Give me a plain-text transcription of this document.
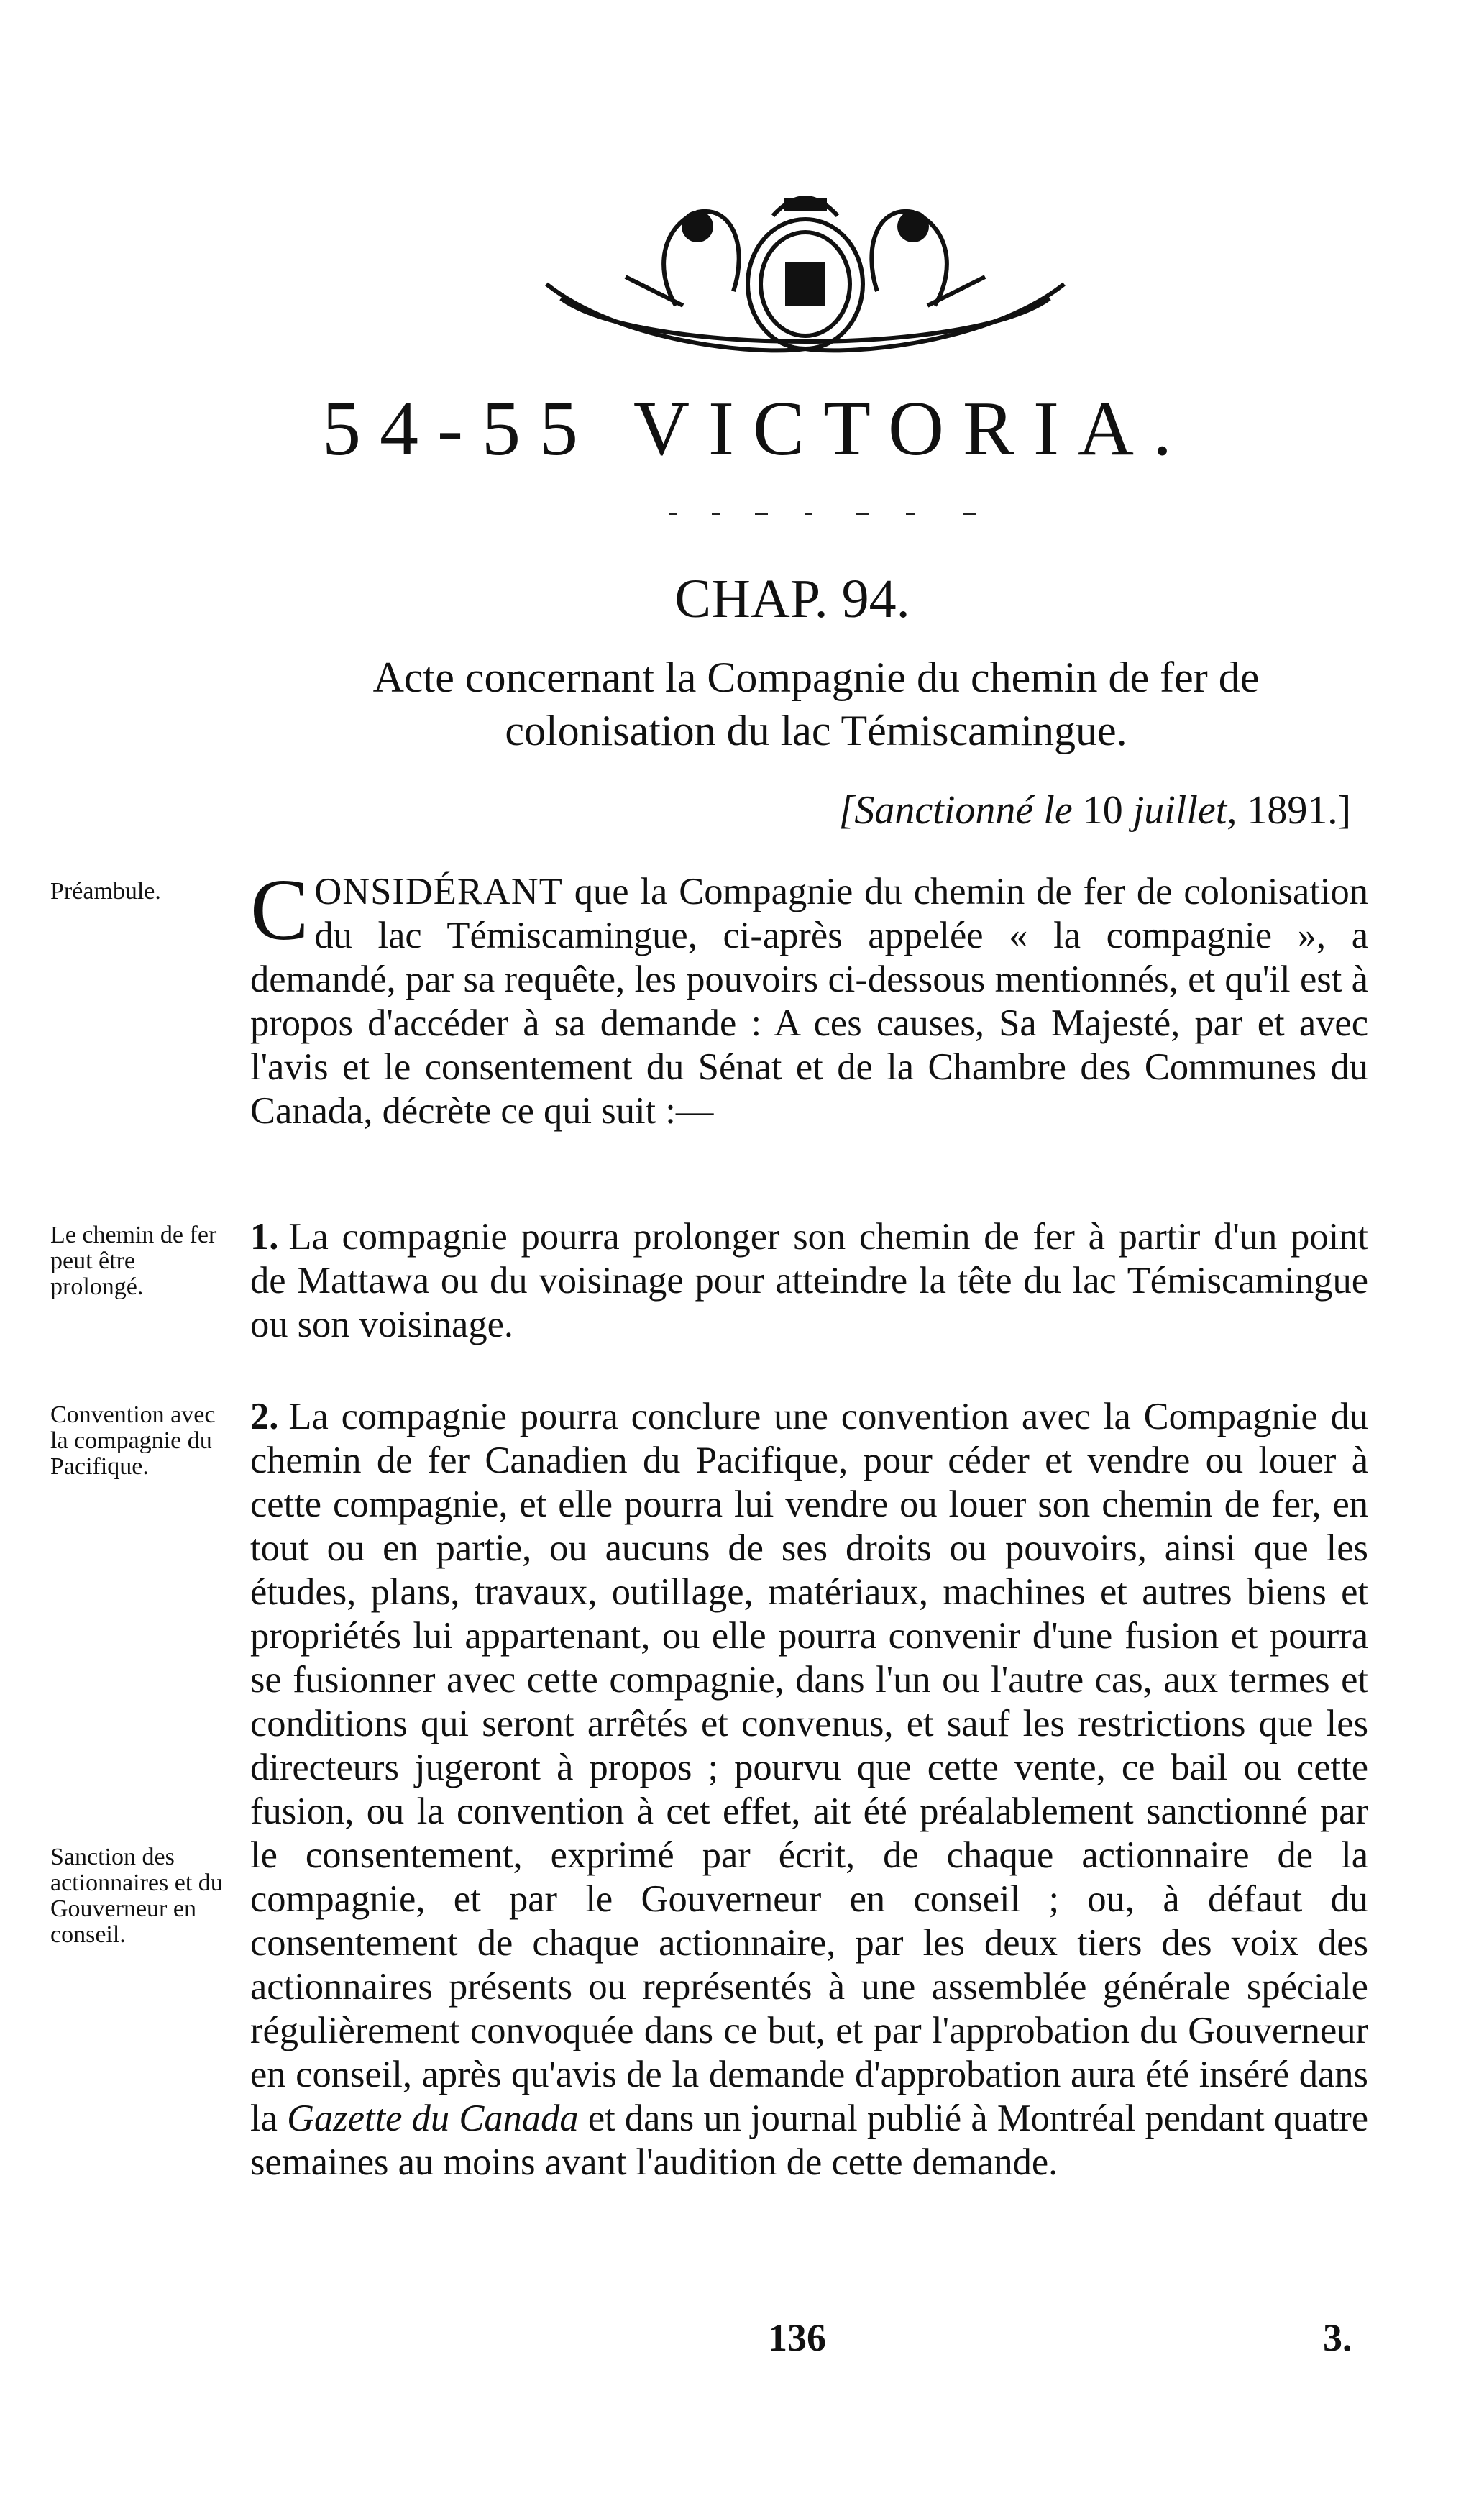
54-55 VICTORIA.
CHAP. 94.
Acte concernant la Compagnie du chemin de fer de
colonisation du lac Témiscamingue.
[Sanctionné le 10 juillet, 1891.]
Préambule.
Le chemin de fer peut être prolongé.
Convention avec la compagnie du Pacifique.
Sanction des actionnaires et du Gouverneur en conseil.
CONSIDÉRANT que la Compagnie du chemin de fer de colonisation du lac Témiscamingue, ci-après appelée « la compagnie », a demandé, par sa requête, les pouvoirs ci-dessous mentionnés, et qu'il est à propos d'accéder à sa demande : A ces causes, Sa Majesté, par et avec l'avis et le consentement du Sénat et de la Chambre des Communes du Canada, décrète ce qui suit :—
1. La compagnie pourra prolonger son chemin de fer à partir d'un point de Mattawa ou du voisinage pour atteindre la tête du lac Témiscamingue ou son voisinage.
2. La compagnie pourra conclure une convention avec la Compagnie du chemin de fer Canadien du Pacifique, pour céder et vendre ou louer à cette compagnie, et elle pourra lui vendre ou louer son chemin de fer, en tout ou en partie, ou aucuns de ses droits ou pouvoirs, ainsi que les études, plans, travaux, outillage, matériaux, machines et autres biens et propriétés lui appartenant, ou elle pourra convenir d'une fusion et pourra se fusionner avec cette compagnie, dans l'un ou l'autre cas, aux termes et conditions qui seront arrêtés et convenus, et sauf les restrictions que les directeurs jugeront à propos ; pourvu que cette vente, ce bail ou cette fusion, ou la convention à cet effet, ait été préalablement sanctionné par le consentement, exprimé par écrit, de chaque actionnaire de la compagnie, et par le Gouverneur en conseil ; ou, à défaut du consentement de chaque actionnaire, par les deux tiers des voix des actionnaires présents ou représentés à une assemblée générale spéciale régulièrement convoquée dans ce but, et par l'approbation du Gouverneur en conseil, après qu'avis de la demande d'approbation aura été inséré dans la Gazette du Canada et dans un journal publié à Montréal pendant quatre semaines au moins avant l'audition de cette demande.
136	3.
